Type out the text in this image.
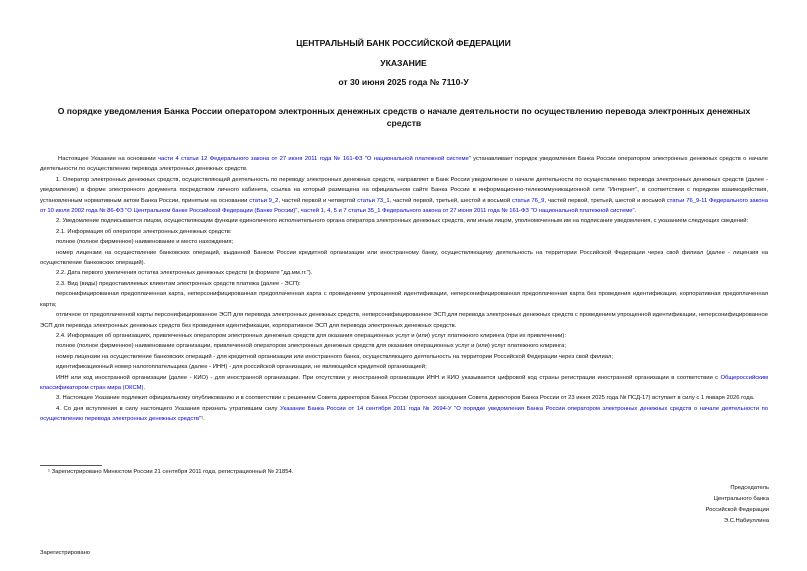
ЦЕНТРАЛЬНЫЙ БАНК РОССИЙСКОЙ ФЕДЕРАЦИИ
УКАЗАНИЕ
от 30 июня 2025 года № 7110-У
О порядке уведомления Банка России оператором электронных денежных средств о начале деятельности по осуществлению перевода электронных денежных средств

Настоящее Указание на основании части 4 статьи 12 Федерального закона от 27 июня 2011 года № 161-ФЗ "О национальной платежной системе" устанавливает порядок уведомления Банка России оператором электронных денежных средств о начале деятельности по осуществлению перевода электронных денежных средств.

1. Оператор электронных денежных средств, осуществляющий деятельность по переводу электронных денежных средств, направляет в Банк России уведомление о начале деятельности по осуществлению перевода электронных денежных средств (далее - уведомление) в форме электронного документа посредством личного кабинета, ссылка на который размещена на официальном сайте Банка России в информационно-телекоммуникационной сети "Интернет", в соответствии с порядком взаимодействия, установленным нормативным актом Банка России, принятым на основании статьи 9_2, частей первой и четвертой статьи 73_1, частей первой, третьей, шестой и восьмой статьи 76_9, частей первой, третьей, шестой и восьмой статьи 76_9-11 Федерального закона от 10 июля 2002 года № 86-ФЗ "О Центральном банке Российской Федерации (Банке России)", частей 1, 4, 5 и 7 статьи 35_1 Федерального закона от 27 июня 2011 года № 161-ФЗ "О национальной платежной системе".

2. Уведомление подписывается лицом, осуществляющим функции единоличного исполнительного органа оператора электронных денежных средств, или иным лицом, уполномоченным им на подписание уведомления, с указанием следующих сведений:

2.1. Информация об операторе электронных денежных средств:

полное (полное фирменное) наименование и место нахождения;

номер лицензии на осуществление банковских операций, выданной Банком России кредитной организации или иностранному банку, осуществляющему деятельность на территории Российской Федерации через свой филиал (далее - лицензия на осуществление банковских операций).

2.2. Дата первого увеличения остатка электронных денежных средств (в формате "дд.мм.гг.").

2.3. Вид (виды) предоставляемых клиентам электронных средств платежа (далее - ЭСП):

персонифицированная предоплаченная карта, неперсонифицированная предоплаченная карта с проведением упрощенной идентификации, неперсонифицированная предоплаченная карта без проведения идентификации, корпоративная предоплаченная карта;

отличное от предоплаченной карты персонифицированное ЭСП для перевода электронных денежных средств, неперсонифицированное ЭСП для перевода электронных денежных средств с проведением упрощенной идентификации, неперсонифицированное ЭСП для перевода электронных денежных средств без проведения идентификации, корпоративное ЭСП для перевода электронных денежных средств.

2.4. Информация об организациях, привлеченных оператором электронных денежных средств для оказания операционных услуг и (или) услуг платежного клиринга (при их привлечении):

полное (полное фирменное) наименование организации, привлеченной оператором электронных денежных средств для оказания операционных услуг и (или) услуг платежного клиринга;

номер лицензии на осуществление банковских операций - для кредитной организации или иностранного банка, осуществляющего деятельность на территории Российской Федерации через свой филиал;

идентификационный номер налогоплательщика (далее - ИНН) - для российской организации, не являющейся кредитной организацией;

ИНН или код иностранной организации (далее - КИО) - для иностранной организации. При отсутствии у иностранной организации ИНН и КИО указывается цифровой код страны регистрации иностранной организации в соответствии с Общероссийским классификатором стран мира (ОКСМ).

3. Настоящее Указание подлежит официальному опубликованию и в соответствии с решением Совета директоров Банка России (протокол заседания Совета директоров Банка России от 23 июня 2025 года № ПСД-17) вступает в силу с 1 января 2026 года.

4. Со дня вступления в силу настоящего Указания признать утратившим силу Указание Банка России от 14 сентября 2011 года № 2694-У "О порядке уведомления Банка России оператором электронных денежных средств о начале деятельности по осуществлению перевода электронных денежных средств"¹.

¹ Зарегистрировано Минюстом России 21 сентября 2011 года, регистрационный № 21854.
Председатель
Центрального банка
Российской Федерации
Э.С.Набиуллина
Зарегистрировано
